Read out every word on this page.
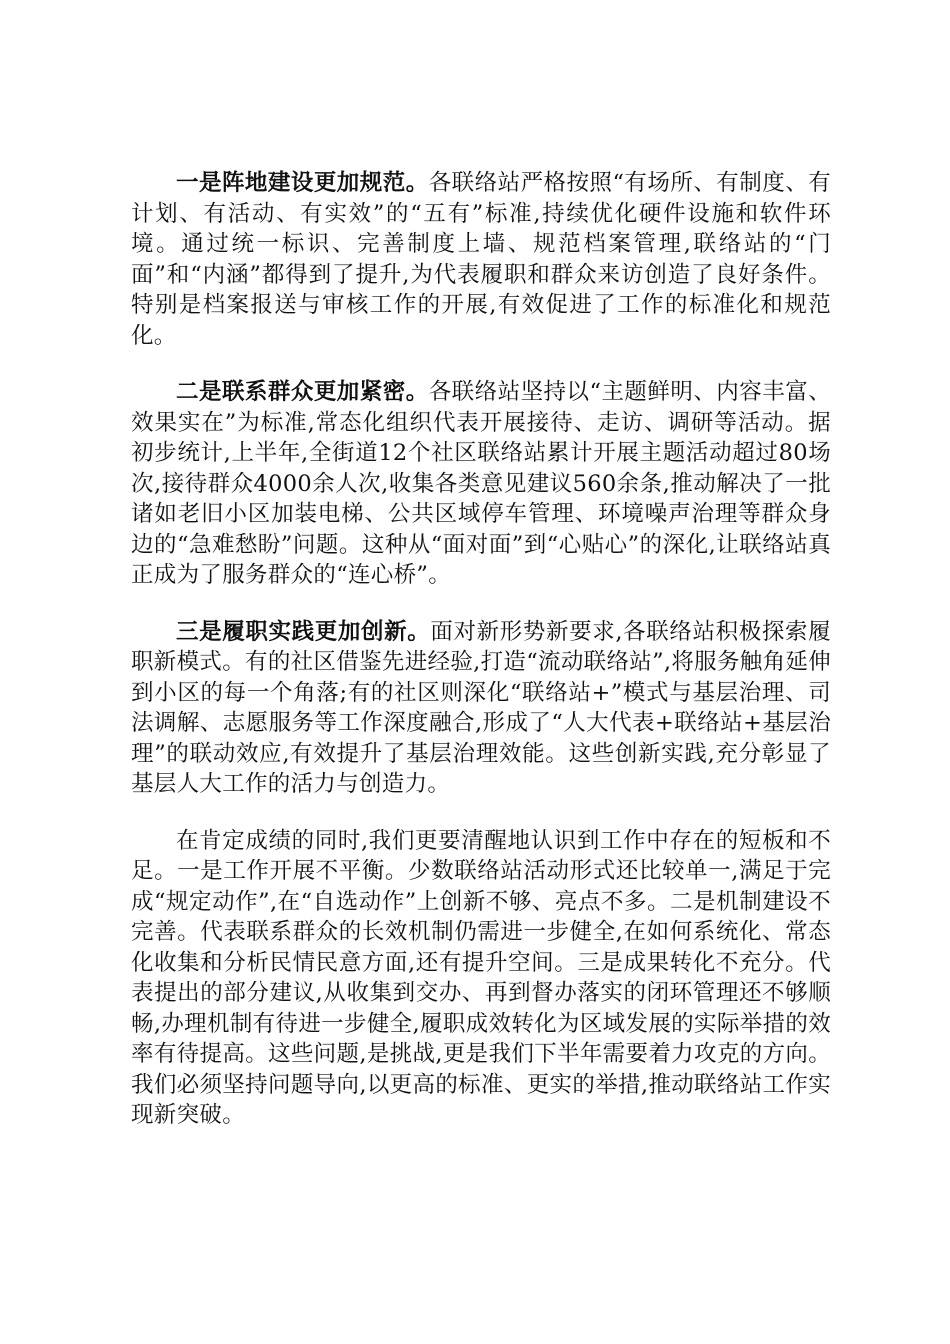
一是阵地建设更加规范。各联络站严格按照“有场所、有制度、有计划、有活动、有实效”的“五有”标准,持续优化硬件设施和软件环境。通过统一标识、完善制度上墙、规范档案管理,联络站的“门面”和“内涵”都得到了提升,为代表履职和群众来访创造了良好条件。特别是档案报送与审核工作的开展,有效促进了工作的标准化和规范化。

二是联系群众更加紧密。各联络站坚持以“主题鲜明、内容丰富、效果实在”为标准,常态化组织代表开展接待、走访、调研等活动。据初步统计,上半年,全街道12个社区联络站累计开展主题活动超过80场次,接待群众4000余人次,收集各类意见建议560余条,推动解决了一批诸如老旧小区加装电梯、公共区域停车管理、环境噪声治理等群众身边的“急难愁盼”问题。这种从“面对面”到“心贴心”的深化,让联络站真正成为了服务群众的“连心桥”。

三是履职实践更加创新。面对新形势新要求,各联络站积极探索履职新模式。有的社区借鉴先进经验,打造“流动联络站”,将服务触角延伸到小区的每一个角落;有的社区则深化“联络站+”模式与基层治理、司法调解、志愿服务等工作深度融合,形成了“人大代表+联络站+基层治理”的联动效应,有效提升了基层治理效能。这些创新实践,充分彰显了基层人大工作的活力与创造力。

在肯定成绩的同时,我们更要清醒地认识到工作中存在的短板和不足。一是工作开展不平衡。少数联络站活动形式还比较单一,满足于完成“规定动作”,在“自选动作”上创新不够、亮点不多。二是机制建设不完善。代表联系群众的长效机制仍需进一步健全,在如何系统化、常态化收集和分析民情民意方面,还有提升空间。三是成果转化不充分。代表提出的部分建议,从收集到交办、再到督办落实的闭环管理还不够顺畅,办理机制有待进一步健全,履职成效转化为区域发展的实际举措的效率有待提高。这些问题,是挑战,更是我们下半年需要着力攻克的方向。我们必须坚持问题导向,以更高的标准、更实的举措,推动联络站工作实现新突破。
